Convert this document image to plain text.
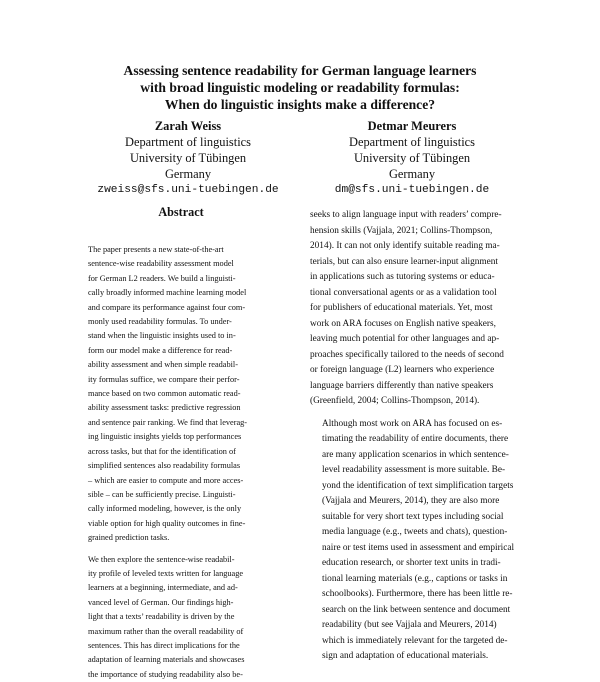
Assessing sentence readability for German language learners
with broad linguistic modeling or readability formulas:
When do linguistic insights make a difference?
Zarah Weiss
Department of linguistics
University of Tübingen
Germany
zweiss@sfs.uni-tuebingen.de
Detmar Meurers
Department of linguistics
University of Tübingen
Germany
dm@sfs.uni-tuebingen.de
Abstract
The paper presents a new state-of-the-art
sentence-wise readability assessment model
for German L2 readers. We build a linguisti-
cally broadly informed machine learning model
and compare its performance against four com-
monly used readability formulas. To under-
stand when the linguistic insights used to in-
form our model make a difference for read-
ability assessment and when simple readabil-
ity formulas suffice, we compare their perfor-
mance based on two common automatic read-
ability assessment tasks: predictive regression
and sentence pair ranking. We find that leverag-
ing linguistic insights yields top performances
across tasks, but that for the identification of
simplified sentences also readability formulas
– which are easier to compute and more acces-
sible – can be sufficiently precise. Linguisti-
cally informed modeling, however, is the only
viable option for high quality outcomes in fine-
grained prediction tasks.
We then explore the sentence-wise readabil-
ity profile of leveled texts written for language
learners at a beginning, intermediate, and ad-
vanced level of German. Our findings high-
light that a texts’ readability is driven by the
maximum rather than the overall readability of
sentences. This has direct implications for the
adaptation of learning materials and showcases
the importance of studying readability also be-
seeks to align language input with readers’ compre-
hension skills (Vajjala, 2021; Collins-Thompson,
2014). It can not only identify suitable reading ma-
terials, but can also ensure learner-input alignment
in applications such as tutoring systems or educa-
tional conversational agents or as a validation tool
for publishers of educational materials. Yet, most
work on ARA focuses on English native speakers,
leaving much potential for other languages and ap-
proaches specifically tailored to the needs of second
or foreign language (L2) learners who experience
language barriers differently than native speakers
(Greenfield, 2004; Collins-Thompson, 2014).
Although most work on ARA has focused on es-
timating the readability of entire documents, there
are many application scenarios in which sentence-
level readability assessment is more suitable. Be-
yond the identification of text simplification targets
(Vajjala and Meurers, 2014), they are also more
suitable for very short text types including social
media language (e.g., tweets and chats), question-
naire or test items used in assessment and empirical
education research, or shorter text units in tradi-
tional learning materials (e.g., captions or tasks in
schoolbooks). Furthermore, there has been little re-
search on the link between sentence and document
readability (but see Vajjala and Meurers, 2014)
which is immediately relevant for the targeted de-
sign and adaptation of educational materials.
